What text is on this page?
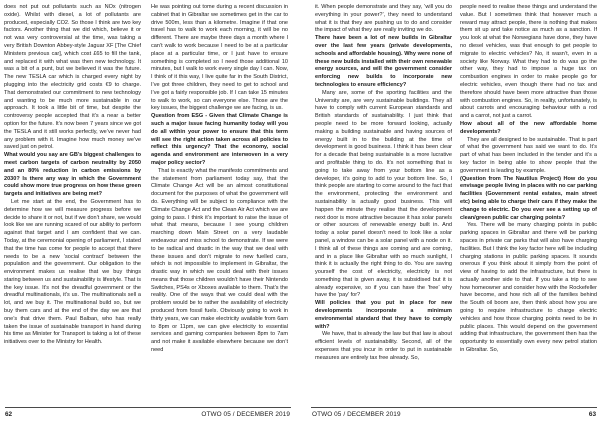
does not put out pollutants such as NOx (nitrogen oxide). Whilst with diesel, a lot of pollutants are produced, especially CO2. So those I think are two key factors. Another thing that we did which, believe it or not was very controversial at the time, was taking a very British Downton Abbey-style Jaguar XF [The Chief Ministers previous car], which cost £65 to fill the tank, and replaced it with what was then new technology. It was a bit of a punt, but we believed it was the future. The new TESLA car which is charged every night by plugging into the electricity grid costs €9 to charge. That demonstrated our commitment to new technology and wanting to be much more sustainable in our approach. It took a little bit of time, but despite the controversy people accepted that it’s a near a better option for the future. It’s now been 7 years since we got the TESLA and it still works perfectly, we’ve never had any problem with it. Imagine how much money we’ve saved just on petrol.

What would you say are GB’s biggest challenges to meet carbon targets of carbon neutrality by 2050 and an 80% reduction in carbon emissions by 2030? Is there any way in which the Government could show more true progress on how these green targets and initiatives are being met?

Let me start at the end, the Government has to determine how we will measure progress before we decide to share it or not, but if we don’t share, we would look like we are running scared of our ability to perform against that target and I am confident that we can. Today, at the ceremonial opening of parliament, I stated that the time has come for people to accept that there needs to be a new ‘social contract’ between the population and the government. Our obligation to the environment makes us realise that we buy things staring between us and sustainability is lifestyle. That is the key issue. It’s not the dreadful government or the dreadful multinationals, it’s us. The multinationals sell a lot, and we buy it. The multinational build so, but we buy them cars and at the end of the day we are that one’s that drive them. Paul Balban, who has really taken the issue of sustainable transport in hand during his time as Minister for Transport is taking a lot of these initiatives over to the Ministry for Health.

He was pointing out tome during a recent discussion in cabinet that in Gibraltar we sometimes get in the car to drive 500m, less than a kilometre. Imagine if that one travel has to walk to work each morning, it will be no different. There are maybe three days a month where I can’t walk to work because I need to be at a particular place at a particular time, or I just have to ensure something is completed so I need those additional 10 minutes, but I walk to work every single day I can. Now, I think of it this way, I live quite far in the South District, I’ve got three children, they need to get to school and I’ve got a fairly responsible job. If I can take 15 minutes to walk to work, so can everyone else. Those are the key issues, the biggest challenge we are facing, is us.

Question from ESG - Given that Climate Change is such a major issue facing humanity today will you do all within your power to ensure that this term will see the right action taken across all policies to reflect this urgency? That the economy, social agenda and environment are interwoven in a very major policy sector?

That is exactly what the manifesto commitments and the statement from parliament today say, that the Climate Change Act will be an almost constitutional document for the purposes of what the government will do. Everything will be subject to compliance with the Climate Change Act and the Clean Air Act which we are going to pass. I think it’s important to raise the issue of what that means, because I see young children marching down Main Street on a very laudable endeavour and miss school to demonstrate. If we were to be radical and drastic in the way that we deal with these issues and don’t migrate to new fuelled cars, which is not impossible to implement in Gibraltar, the drastic way in which we could deal with their issues means that those children wouldn’t have their Nintendo Switches, PS4s or Xboxes available to them. That’s the reality. One of the ways that we could deal with the problem would be to rather the availability of electricity produced from fossil fuels. Obviously going to work in thirty years, we can make electricity available from 6am to 8pm or 11pm, we can give electricity to essential services and gaming companies between 8pm to 7am and not make it available elsewhere because we don’t need

62	OTWO 05 / DECEMBER 2019

it. When people demonstrate and they say, ‘will you do everything in your power?’, they need to understand what it is that they are pushing us to do and consider the impact of what they are really inviting we do.

There have been a lot of new builds in Gibraltar over the last few years (private developments, schools and affordable housing). Why were none of these new builds installed with their own renewable energy sources, and will the government consider enforcing new builds to incorporate new technologies to ensure efficiency?

Many are, some of the sporting facilities and the University are, are very sustainable buildings. They all have to comply with current European standards and British standards of sustainability. I just think that people need to be more forward looking, actually making a building sustainable and having sources of energy built in to the building at the time of development is good business. I think it has been clear for a decade that being sustainable is a more lucrative and profitable thing to do. It’s not something that is going to take away from your bottom line as a developer, it’s going to add to your bottom line. So, I think people are starting to come around to the fact that the environment, protecting the environment and sustainability is actually good business. This will happen the minute they realise that the development next door is more attractive because it has solar panels or other sources of renewable energy built in. And today a solar panel doesn’t need to look like a solar panel, a window can be a solar panel with a node on it. I think all of these things are coming and are coming, and in a place like Gibraltar with so much sunlight, I think it is actually the right thing to do. You are saving yourself the cost of electricity, electricity is not something that is given away, it is subsidised but it is already expensive, so if you can have the ‘free’ why have the ‘pay’ for?

Will policies that you put in place for new developments incorporate a minimum environmental standard that they have to comply with?

We have, that is already the law but that law is about efficient levels of sustainability. Second, all of the expenses that you incur in order to put in sustainable measures are entirely tax free already. So,

people need to realise these things and understand the value. But I sometimes think that however much a reward may attract people, there is nothing that makes them sit up and take notice as much as a sanction. If you look at what the Norwegians have done, they have no diesel vehicles, was that enough to get people to migrate to electric vehicles? No, it wasn’t, even in a society like Norway. What they had to do was go the other way, they had to impose a huge tax on combustion engines in order to make people go for electric vehicles, even though there had no tax and therefore should have been more attractive than those with combustion engines. So, in reality, unfortunately, is about carrots and encouraging behaviour with a rod and a carrot, not just a carrot.

How about all of the new affordable home developments?

They are all designed to be sustainable. That is part of what the government has said we want to do. It’s part of what has been included in the tender and it’s a key factor in being able to show people that the government is leading by example.

(Question from The Nautilus Project) How do you envisage people living in places with no car parking facilities (Government rental estates, main street etc) being able to charge their cars if they make the change to electric. Do you ever see a setting up of clean/green public car charging points?

Yes. There will be many charging points in public parking spaces in Gibraltar and there will be parking spaces in private car parks that will also have charging facilities. But I think the key factor here will be including charging stations in public parking spaces. It sounds onerous if you think about it simply from the point of view of having to add the infrastructure, but there is actually another side to that. If you take a trip to see how homeowner and consider how with the Rockefeller have become, and how rich all of the families behind the South oil boom are, then think about how you are going to require infrastructure to charge electric vehicles and how those charging points need to be in public places. This would depend on the government adding that infrastructure, the government then has the opportunity to essentially own every new petrol station in Gibraltar. So,

OTWO 05 / DECEMBER 2019	63
